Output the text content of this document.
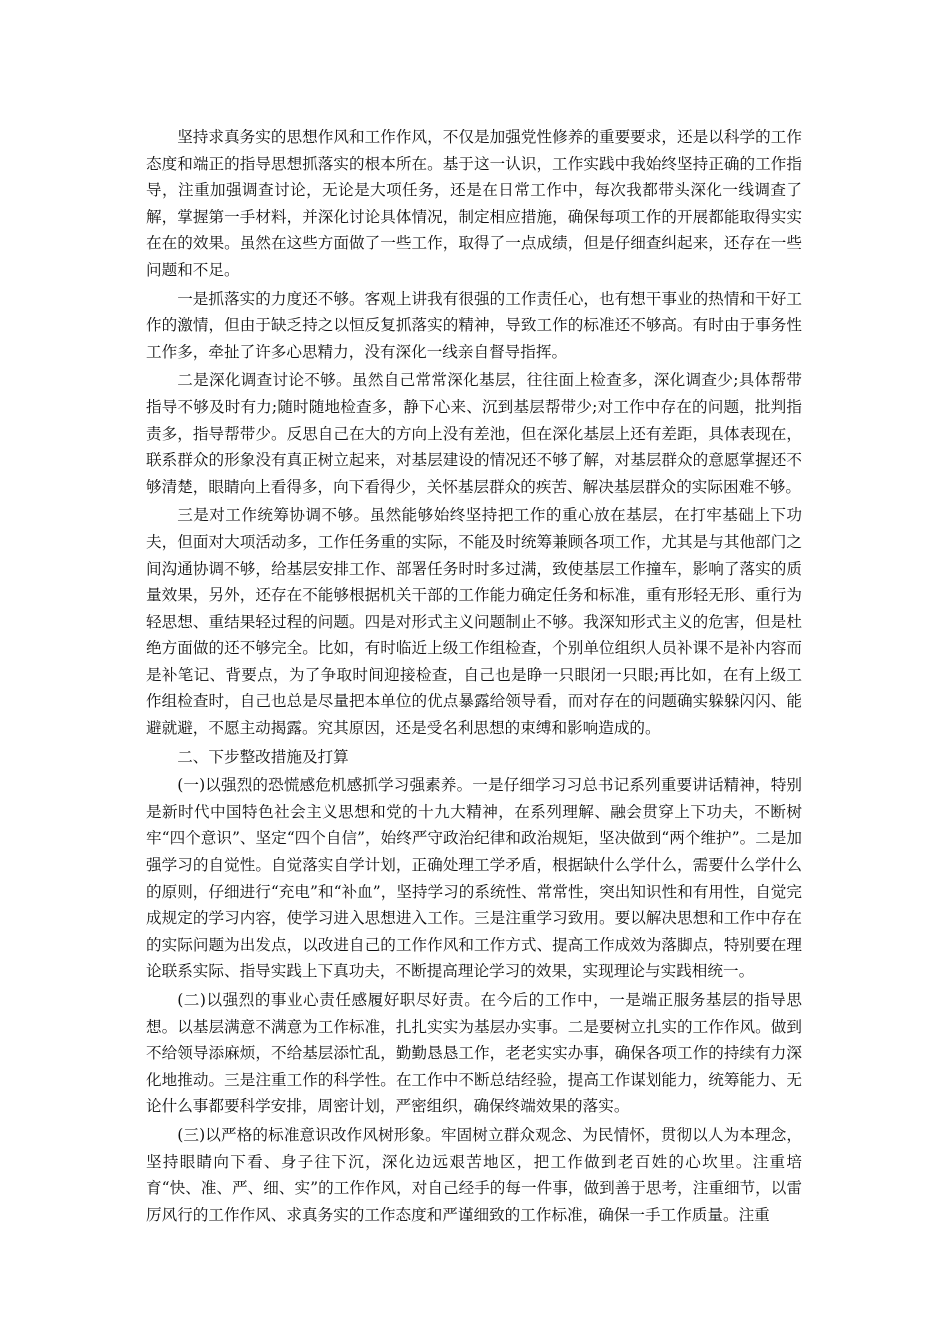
坚持求真务实的思想作风和工作作风，不仅是加强党性修养的重要要求，还是以科学的工作态度和端正的指导思想抓落实的根本所在。基于这一认识，工作实践中我始终坚持正确的工作指导，注重加强调查讨论，无论是大项任务，还是在日常工作中，每次我都带头深化一线调查了解，掌握第一手材料，并深化讨论具体情况，制定相应措施，确保每项工作的开展都能取得实实在在的效果。虽然在这些方面做了一些工作，取得了一点成绩，但是仔细查纠起来，还存在一些问题和不足。

一是抓落实的力度还不够。客观上讲我有很强的工作责任心，也有想干事业的热情和干好工作的激情，但由于缺乏持之以恒反复抓落实的精神，导致工作的标准还不够高。有时由于事务性工作多，牵扯了许多心思精力，没有深化一线亲自督导指挥。

二是深化调查讨论不够。虽然自己常常深化基层，往往面上检查多，深化调查少;具体帮带指导不够及时有力;随时随地检查多，静下心来、沉到基层帮带少;对工作中存在的问题，批判指责多，指导帮带少。反思自己在大的方向上没有差池，但在深化基层上还有差距，具体表现在，联系群众的形象没有真正树立起来，对基层建设的情况还不够了解，对基层群众的意愿掌握还不够清楚，眼睛向上看得多，向下看得少，关怀基层群众的疾苦、解决基层群众的实际困难不够。

三是对工作统筹协调不够。虽然能够始终坚持把工作的重心放在基层，在打牢基础上下功夫，但面对大项活动多，工作任务重的实际，不能及时统筹兼顾各项工作，尤其是与其他部门之间沟通协调不够，给基层安排工作、部署任务时时多过满，致使基层工作撞车，影响了落实的质量效果，另外，还存在不能够根据机关干部的工作能力确定任务和标准，重有形轻无形、重行为轻思想、重结果轻过程的问题。四是对形式主义问题制止不够。我深知形式主义的危害，但是杜绝方面做的还不够完全。比如，有时临近上级工作组检查，个别单位组织人员补课不是补内容而是补笔记、背要点，为了争取时间迎接检查，自己也是睁一只眼闭一只眼;再比如，在有上级工作组检查时，自己也总是尽量把本单位的优点暴露给领导看，而对存在的问题确实躲躲闪闪、能避就避，不愿主动揭露。究其原因，还是受名利思想的束缚和影响造成的。

二、下步整改措施及打算

(一)以强烈的恐慌感危机感抓学习强素养。一是仔细学习习总书记系列重要讲话精神，特别是新时代中国特色社会主义思想和党的十九大精神，在系列理解、融会贯穿上下功夫，不断树牢“四个意识”、坚定“四个自信”，始终严守政治纪律和政治规矩，坚决做到“两个维护”。二是加强学习的自觉性。自觉落实自学计划，正确处理工学矛盾，根据缺什么学什么，需要什么学什么的原则，仔细进行“充电”和“补血”，坚持学习的系统性、常常性，突出知识性和有用性，自觉完成规定的学习内容，使学习进入思想进入工作。三是注重学习致用。要以解决思想和工作中存在的实际问题为出发点，以改进自己的工作作风和工作方式、提高工作成效为落脚点，特别要在理论联系实际、指导实践上下真功夫，不断提高理论学习的效果，实现理论与实践相统一。

(二)以强烈的事业心责任感履好职尽好责。在今后的工作中，一是端正服务基层的指导思想。以基层满意不满意为工作标准，扎扎实实为基层办实事。二是要树立扎实的工作作风。做到不给领导添麻烦，不给基层添忙乱，勤勤恳恳工作，老老实实办事，确保各项工作的持续有力深化地推动。三是注重工作的科学性。在工作中不断总结经验，提高工作谋划能力，统筹能力、无论什么事都要科学安排，周密计划，严密组织，确保终端效果的落实。

(三)以严格的标准意识改作风树形象。牢固树立群众观念、为民情怀，贯彻以人为本理念，坚持眼睛向下看、身子往下沉，深化边远艰苦地区，把工作做到老百姓的心坎里。注重培育“快、准、严、细、实”的工作作风，对自己经手的每一件事，做到善于思考，注重细节，以雷厉风行的工作作风、求真务实的工作态度和严谨细致的工作标准，确保一手工作质量。注重
